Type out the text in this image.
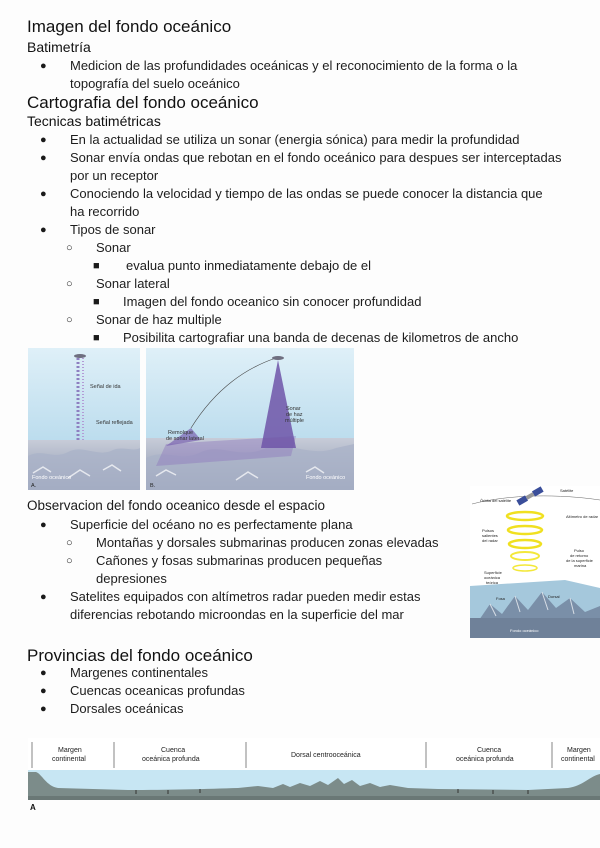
Imagen del fondo oceánico
Batimetría
● Medicion de las profundidades oceánicas y el reconocimiento de la forma o la
topografía del suelo oceánico
Cartografia del fondo oceánico
Tecnicas batimétricas
● En la actualidad se utiliza un sonar (energia sónica) para medir la profundidad
● Sonar envía ondas que rebotan en el fondo oceánico para despues ser interceptadas
por un receptor
● Conociendo la velocidad y tiempo de las ondas se puede conocer la distancia que
ha recorrido
● Tipos de sonar
○ Sonar
■ evalua punto inmediatamente debajo de el
○ Sonar lateral
■ Imagen del fondo oceanico sin conocer profundidad
○ Sonar de haz multiple
■ Posibilita cartografiar una banda de decenas de kilometros de ancho
Señal de ida
Señal reflejada
A.
Fondo oceánico
Sonar
de haz
múltiple
Remolque
de sonar lateral
B.
Fondo oceánico
Observacion del fondo oceanico desde el espacio
● Superficie del océano no es perfectamente plana
○ Montañas y dorsales submarinas producen zonas elevadas
○ Cañones y fosas submarinas producen pequeñas
depresiones
● Satelites equipados con altímetros radar pueden medir estas
diferencias rebotando microondas en la superficie del mar
Satélite
Órbita del satélite
Altímetro de radar
Pulsos
salientes
del radar
Pulso
de retorno
de la superficie
marina
Superficie
oceánica
teórica
Fosa	Dorsal
Fondo oceánico
Provincias del fondo oceánico
● Margenes continentales
● Cuencas oceanicas profundas
● Dorsales oceánicas
Margen
continental
Cuenca
oceánica profunda
Dorsal centrooceánica
Cuenca
oceánica profunda
Margen
continental
A
